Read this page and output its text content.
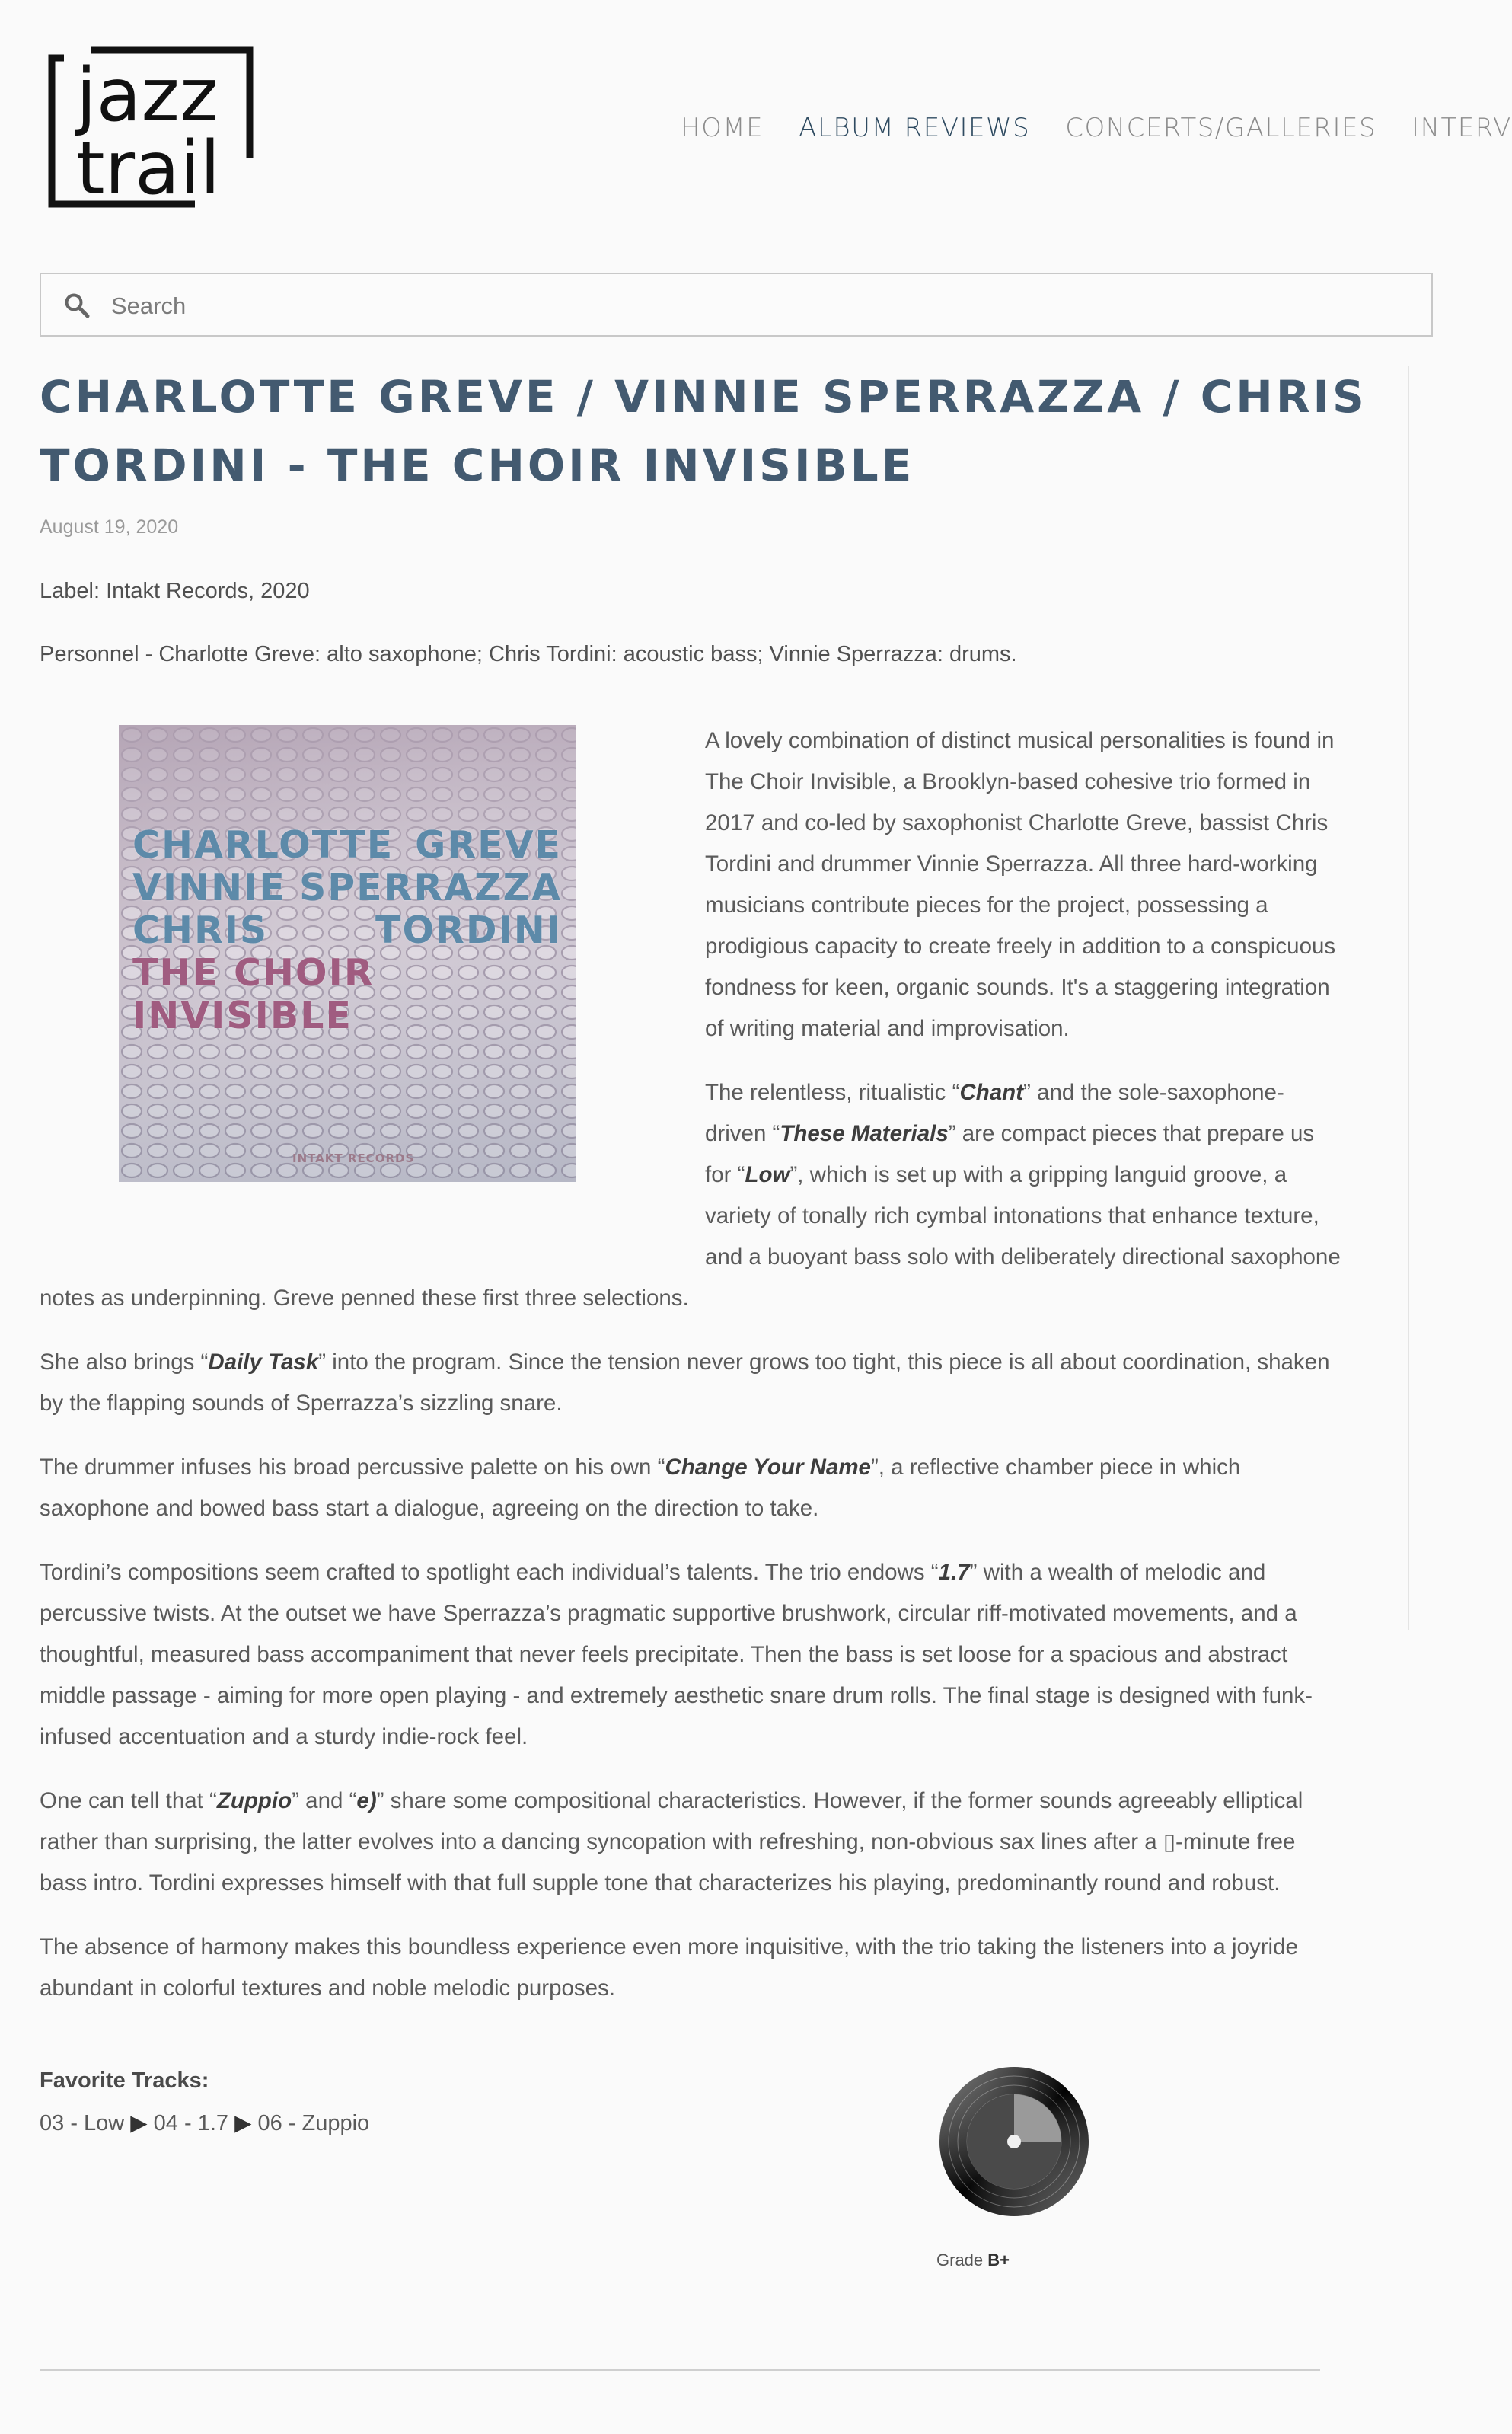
jazz
trail	HOME ALBUM REVIEWS CONCERTS/GALLERIES INTERV
Search
CHARLOTTE GREVE / VINNIE SPERRAZZA / CHRIS TORDINI - THE CHOIR INVISIBLE
August 19, 2020
Label: Intakt Records, 2020
Personnel - Charlotte Greve: alto saxophone; Chris Tordini: acoustic bass; Vinnie Sperrazza: drums.
CHARLOTTE GREVE
VINNIE SPERRAZZA
CHRIS	TORDINI
THE CHOIR INVISIBLE
INTAKT RECORDS

A lovely combination of distinct musical personalities is found in The Choir Invisible, a Brooklyn-based cohesive trio formed in 2017 and co-led by saxophonist Charlotte Greve, bassist Chris Tordini and drummer Vinnie Sperrazza. All three hard-working musicians contribute pieces for the project, possessing a prodigious capacity to create freely in addition to a conspicuous fondness for keen, organic sounds. It's a staggering integration of writing material and improvisation.

The relentless, ritualistic “Chant” and the sole-saxophone-driven “These Materials” are compact pieces that prepare us for “Low”, which is set up with a gripping languid groove, a variety of tonally rich cymbal intonations that enhance texture, and a buoyant bass solo with deliberately directional saxophone notes as underpinning. Greve penned these first three selections.

She also brings “Daily Task” into the program. Since the tension never grows too tight, this piece is all about coordination, shaken by the flapping sounds of Sperrazza’s sizzling snare.

The drummer infuses his broad percussive palette on his own “Change Your Name”, a reflective chamber piece in which saxophone and bowed bass start a dialogue, agreeing on the direction to take.

Tordini’s compositions seem crafted to spotlight each individual’s talents. The trio endows “1.7” with a wealth of melodic and percussive twists. At the outset we have Sperrazza’s pragmatic supportive brushwork, circular riff-motivated movements, and a thoughtful, measured bass accompaniment that never feels precipitate. Then the bass is set loose for a spacious and abstract middle passage - aiming for more open playing - and extremely aesthetic snare drum rolls. The final stage is designed with funk-infused accentuation and a sturdy indie-rock feel.

One can tell that “Zuppio” and “e)” share some compositional characteristics. However, if the former sounds agreeably elliptical rather than surprising, the latter evolves into a dancing syncopation with refreshing, non-obvious sax lines after a ▯-minute free bass intro. Tordini expresses himself with that full supple tone that characterizes his playing, predominantly round and robust.

The absence of harmony makes this boundless experience even more inquisitive, with the trio taking the listeners into a joyride abundant in colorful textures and noble melodic purposes.

Favorite Tracks:
03 - Low ▶ 04 - 1.7 ▶ 06 - Zuppio
Grade B+
